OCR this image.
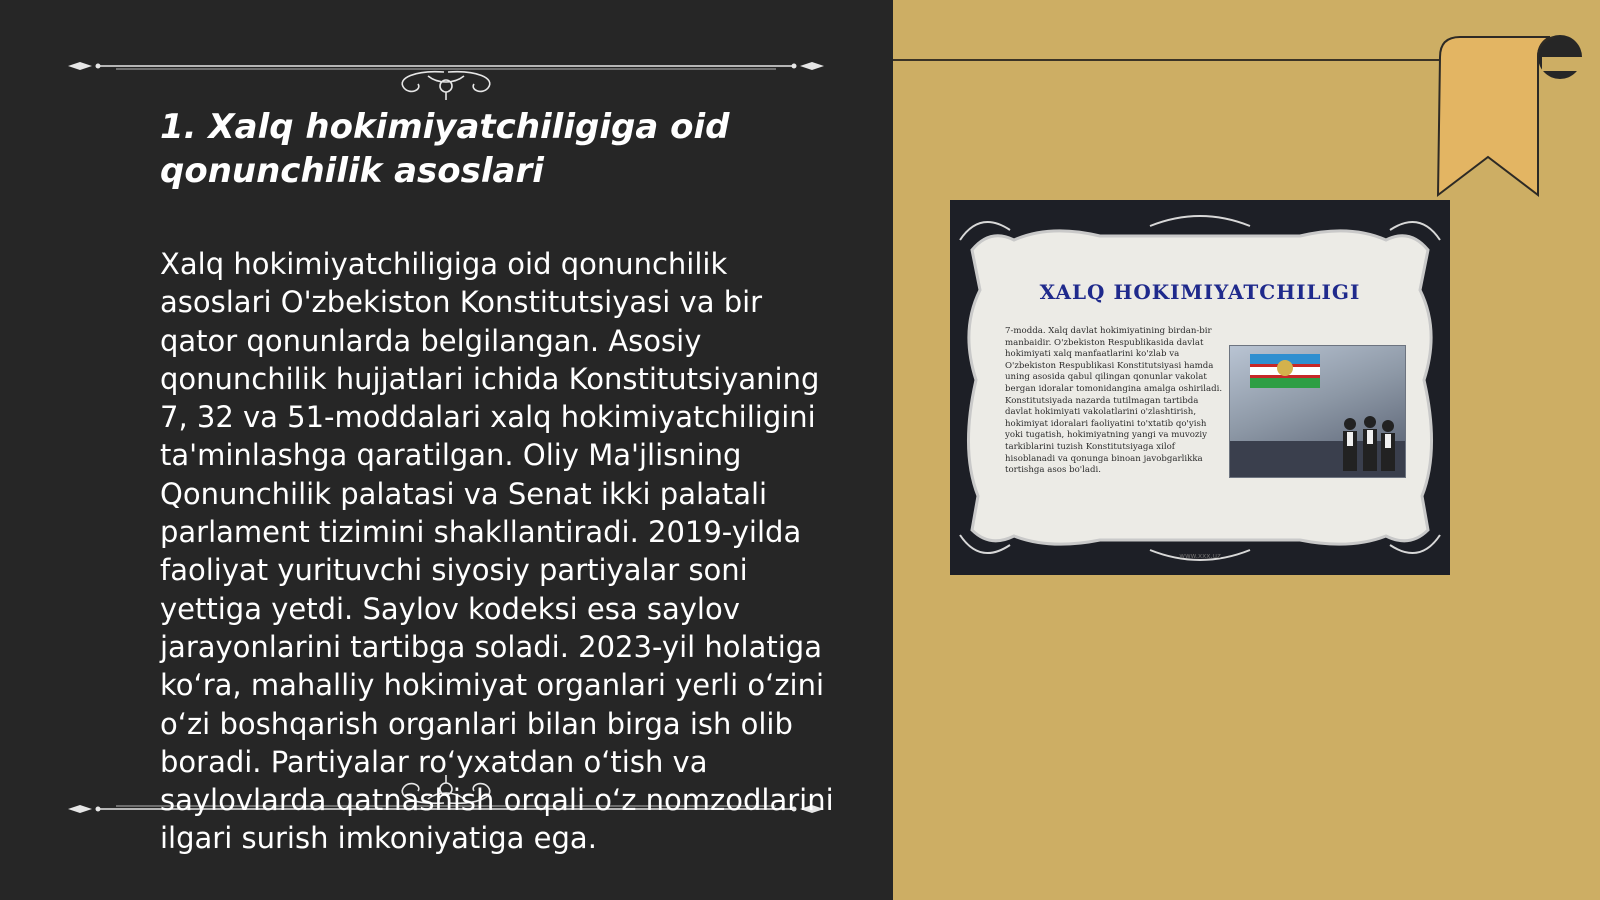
1. Xalq hokimiyatchiligiga oid qonunchilik asoslari

Xalq hokimiyatchiligiga oid qonunchilik asoslari O'zbekiston Konstitutsiyasi va bir qator qonunlarda belgilangan. Asosiy qonunchilik hujjatlari ichida Konstitutsiyaning 7, 32 va 51-moddalari xalq hokimiyatchiligini ta'minlashga qaratilgan. Oliy Ma'jlisning Qonunchilik palatasi va Senat ikki palatali parlament tizimini shakllantiradi. 2019-yilda faoliyat yurituvchi siyosiy partiyalar soni yettiga yetdi. Saylov kodeksi esa saylov jarayonlarini tartibga soladi. 2023-yil holatiga ko‘ra, mahalliy hokimiyat organlari yerli o‘zini o‘zi boshqarish organlari bilan birga ish olib boradi. Partiyalar ro‘yxatdan o‘tish va saylovlarda qatnashish orqali o‘z nomzodlarini ilgari surish imkoniyatiga ega.

XALQ HOKIMIYATCHILIGI
7-modda. Xalq davlat hokimiyatining birdan-bir manbaidir. O'zbekiston Respublikasida davlat hokimiyati xalq manfaatlarini ko'zlab va O'zbekiston Respublikasi Konstitutsiyasi hamda uning asosida qabul qilingan qonunlar vakolat bergan idoralar tomonidangina amalga oshiriladi. Konstitutsiyada nazarda tutilmagan tartibda davlat hokimiyati vakolatlarini o'zlashtirish, hokimiyat idoralari faoliyatini to'xtatib qo'yish yoki tugatish, hokimiyatning yangi va muvoziy tarkiblarini tuzish Konstitutsiyaga xilof hisoblanadi va qonunga binoan javobgarlikka tortishga asos bo'ladi.
www.xxx.uz
